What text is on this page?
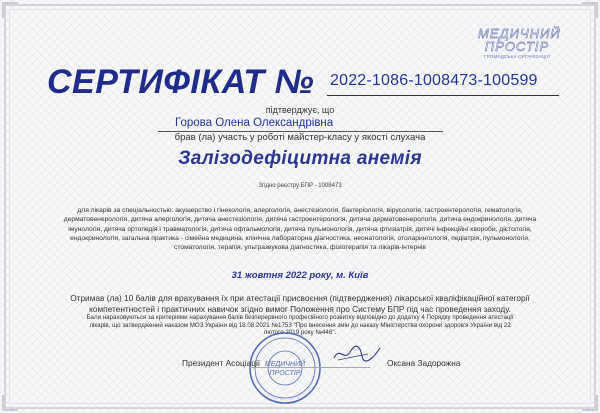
МЕДИЧНИЙ
ПРОСТІР
ГРОМАДСЬКА ОРГАНІЗАЦІЯ
СЕРТИФІКАТ № 2022-1086-1008473-100599
підтверджує, що
Горова Олена Олександрівна
брав (ла) участь у роботі майстер-класу у якості слухача
Залізодефіцитна анемія
Згідно реєстру БПР - 1008473
для лікарів за спеціальностью: акушерство і гінекологія, алергологія, анестезіологія, бактеріологія, вірусологія, гастроентерологія, гематологія, дерматовенерологія, дитяча алергологія, дитяча анестезіологія, дитяча гастроентерологія, дитяча дерматовенерологія, дитяча ендокринологія, дитяча імунологія, дитяча ортопедія і травматологія, дитяча офтальмологія, дитяча пульмонологія, дитяча фтизіатрія, дитячі інфекційні хвороби, дієтологія, ендокринологія, загальна практика - сімейна медицина, клінічна лабораторна діагностика, неонатологія, отоларингологія, педіатрія, пульмонологія, стоматологія, терапія, ультразвукова діагностика, фізіотерапія та лікарів-інтернів
31 жовтня 2022 року, м. Київ
Отримав (ла) 10 балів для врахування їх при атестації присвоєння (підтвердження) лікарської кваліфікаційної категорії компетентностей і практичних навичок згідно вимог Положення про Систему БПР під час проведення заходу.
Бали нараховуються за критеріями нарахування балів безперервного професійного розвитку відповідно до додатку 4 Порядку проведення атестації лікарів, що затверджений наказом МОЗ України від 18.08.2021 №1753 "Про внесення змін до наказу Міністерства охорони здоров'я України від 22 лютого 2019 року №446".
МЕДИЧНИЙ
ПРОСТІР
Президент Асоціації	Оксана Задорожна
